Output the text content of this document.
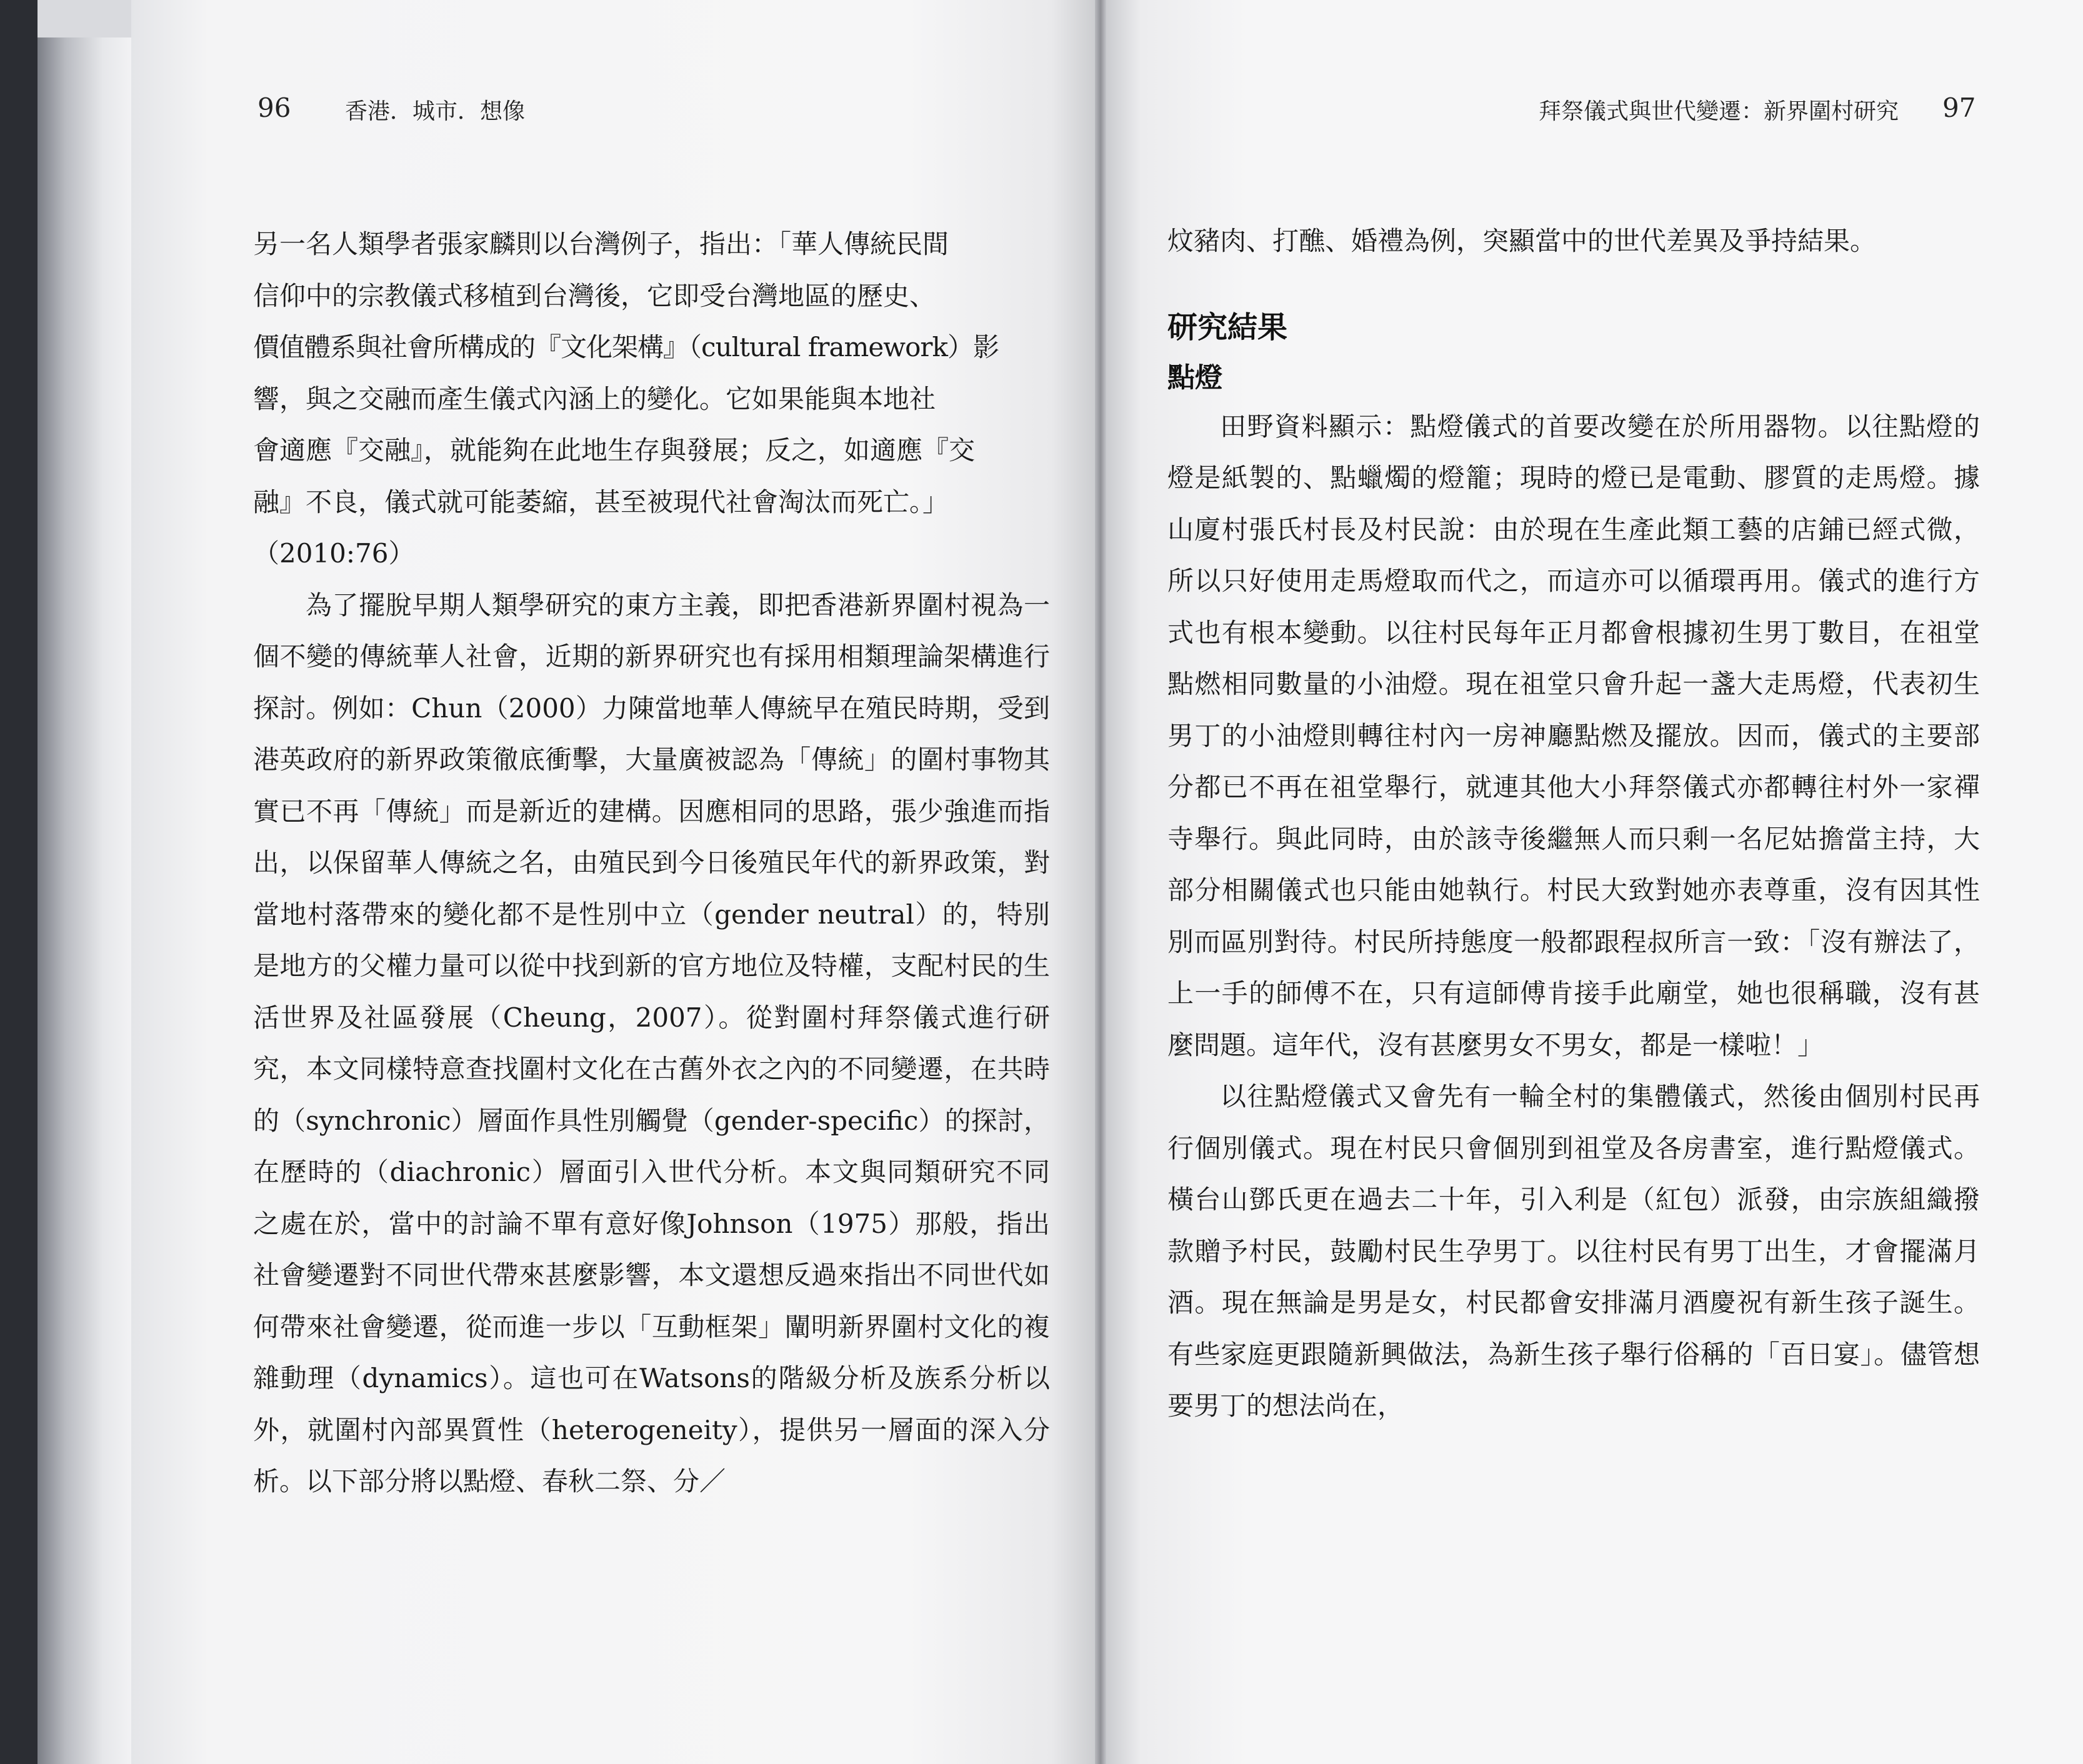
96 香港．城市．想像	拜祭儀式與世代變遷：新界圍村研究 97

另一名人類學者張家麟則以台灣例子，指出：「華人傳統民間

信仰中的宗教儀式移植到台灣後，它即受台灣地區的歷史、

價值體系與社會所構成的『文化架構』（cultural framework）影

響，與之交融而產生儀式內涵上的變化。它如果能與本地社

會適應『交融』，就能夠在此地生存與發展；反之，如適應『交

融』不良，儀式就可能萎縮，甚至被現代社會淘汰而死亡。」

（2010:76）

為了擺脫早期人類學研究的東方主義，即把香港新界圍村視為一個不變的傳統華人社會，近期的新界研究也有採用相類理論架構進行探討。例如：Chun（2000）力陳當地華人傳統早在殖民時期，受到港英政府的新界政策徹底衝擊，大量廣被認為「傳統」的圍村事物其實已不再「傳統」而是新近的建構。因應相同的思路，張少強進而指出，以保留華人傳統之名，由殖民到今日後殖民年代的新界政策，對當地村落帶來的變化都不是性別中立（gender neutral）的，特別是地方的父權力量可以從中找到新的官方地位及特權，支配村民的生活世界及社區發展（Cheung，2007）。從對圍村拜祭儀式進行研究，本文同樣特意查找圍村文化在古舊外衣之內的不同變遷，在共時的（synchronic）層面作具性別觸覺（gender-specific）的探討，在歷時的（diachronic）層面引入世代分析。本文與同類研究不同之處在於，當中的討論不單有意好像Johnson（1975）那般，指出社會變遷對不同世代帶來甚麼影響，本文還想反過來指出不同世代如何帶來社會變遷，從而進一步以「互動框架」闡明新界圍村文化的複雜動理（dynamics）。這也可在Watsons的階級分析及族系分析以外，就圍村內部異質性（heterogeneity），提供另一層面的深入分析。以下部分將以點燈、春秋二祭、分／

炆豬肉、打醮、婚禮為例，突顯當中的世代差異及爭持結果。

研究結果
點燈

田野資料顯示：點燈儀式的首要改變在於所用器物。以往點燈的燈是紙製的、點蠟燭的燈籠；現時的燈已是電動、膠質的走馬燈。據山廈村張氏村長及村民說：由於現在生產此類工藝的店鋪已經式微，所以只好使用走馬燈取而代之，而這亦可以循環再用。儀式的進行方式也有根本變動。以往村民每年正月都會根據初生男丁數目，在祖堂點燃相同數量的小油燈。現在祖堂只會升起一盞大走馬燈，代表初生男丁的小油燈則轉往村內一房神廳點燃及擺放。因而，儀式的主要部分都已不再在祖堂舉行，就連其他大小拜祭儀式亦都轉往村外一家禪寺舉行。與此同時，由於該寺後繼無人而只剩一名尼姑擔當主持，大部分相關儀式也只能由她執行。村民大致對她亦表尊重，沒有因其性別而區別對待。村民所持態度一般都跟程叔所言一致：「沒有辦法了，上一手的師傅不在，只有這師傅肯接手此廟堂，她也很稱職，沒有甚麼問題。這年代，沒有甚麼男女不男女，都是一樣啦！」

以往點燈儀式又會先有一輪全村的集體儀式，然後由個別村民再行個別儀式。現在村民只會個別到祖堂及各房書室，進行點燈儀式。橫台山鄧氏更在過去二十年，引入利是（紅包）派發，由宗族組織撥款贈予村民，鼓勵村民生孕男丁。以往村民有男丁出生，才會擺滿月酒。現在無論是男是女，村民都會安排滿月酒慶祝有新生孩子誕生。有些家庭更跟隨新興做法，為新生孩子舉行俗稱的「百日宴」。儘管想要男丁的想法尚在，
